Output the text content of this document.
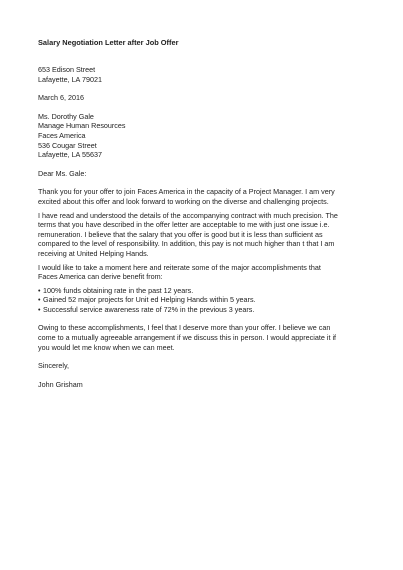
Salary Negotiation Letter after Job Offer
653 Edison Street
Lafayette, LA 79021
March 6, 2016
Ms. Dorothy Gale
Manage Human Resources
Faces America
536 Cougar Street
Lafayette, LA 55637
Dear Ms. Gale:
Thank you for your offer to join Faces America in the capacity of a Project Manager. I am very
excited about this offer and look forward to working on the diverse and challenging projects.
I have read and understood the details of the accompanying contract with much precision. The
terms that you have described in the offer letter are acceptable to me with just one issue i.e.
remuneration. I believe that the salary that you offer is good but it is less than sufficient as
compared to the level of responsibility. In addition, this pay is not much higher than t that I am
receiving at United Helping Hands.
I would like to take a moment here and reiterate some of the major accomplishments that
Faces America can derive benefit from:
• 100% funds obtaining rate in the past 12 years.
• Gained 52 major projects for Unit ed Helping Hands within 5 years.
• Successful service awareness rate of 72% in the previous 3 years.
Owing to these accomplishments, I feel that I deserve more than your offer. I believe we can
come to a mutually agreeable arrangement if we discuss this in person. I would appreciate it if
you would let me know when we can meet.
Sincerely,
John Grisham
